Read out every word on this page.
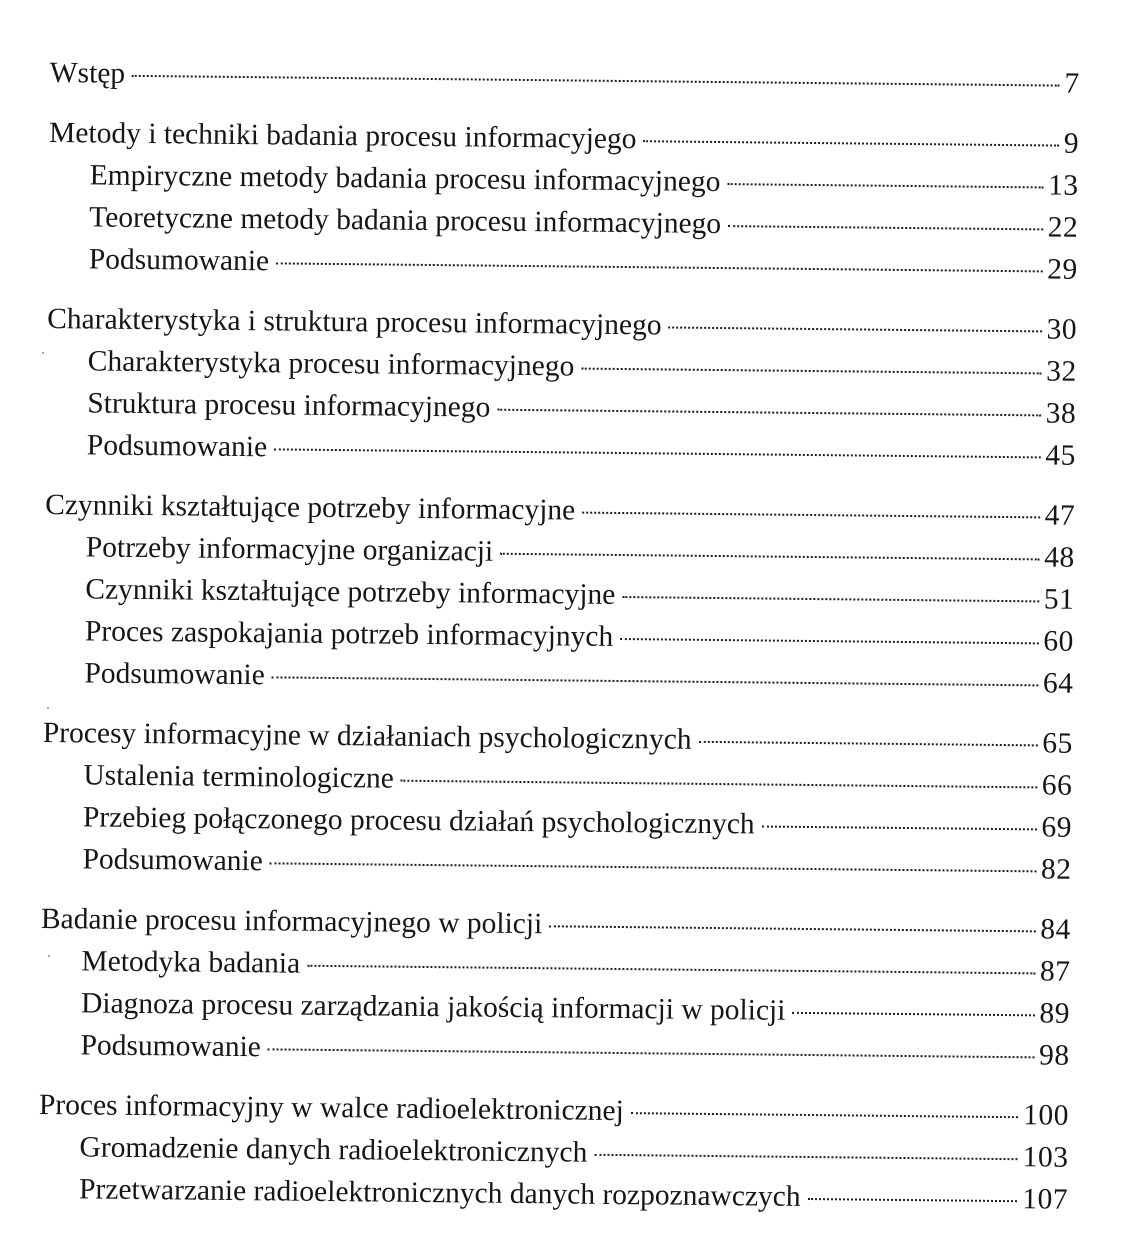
Wstęp	7
Metody i techniki badania procesu informacyjego	9
Empiryczne metody badania procesu informacyjnego	13
Teoretyczne metody badania procesu informacyjnego	22
Podsumowanie	29
Charakterystyka i struktura procesu informacyjnego	30
Charakterystyka procesu informacyjnego	32
Struktura procesu informacyjnego	38
Podsumowanie	45
Czynniki kształtujące potrzeby informacyjne	47
Potrzeby informacyjne organizacji	48
Czynniki kształtujące potrzeby informacyjne	51
Proces zaspokajania potrzeb informacyjnych	60
Podsumowanie	64
Procesy informacyjne w działaniach psychologicznych	65
Ustalenia terminologiczne	66
Przebieg połączonego procesu działań psychologicznych	69
Podsumowanie	82
Badanie procesu informacyjnego w policji	84
Metodyka badania	87
Diagnoza procesu zarządzania jakością informacji w policji	89
Podsumowanie	98
Proces informacyjny w walce radioelektronicznej	100
Gromadzenie danych radioelektronicznych	103
Przetwarzanie radioelektronicznych danych rozpoznawczych	107
